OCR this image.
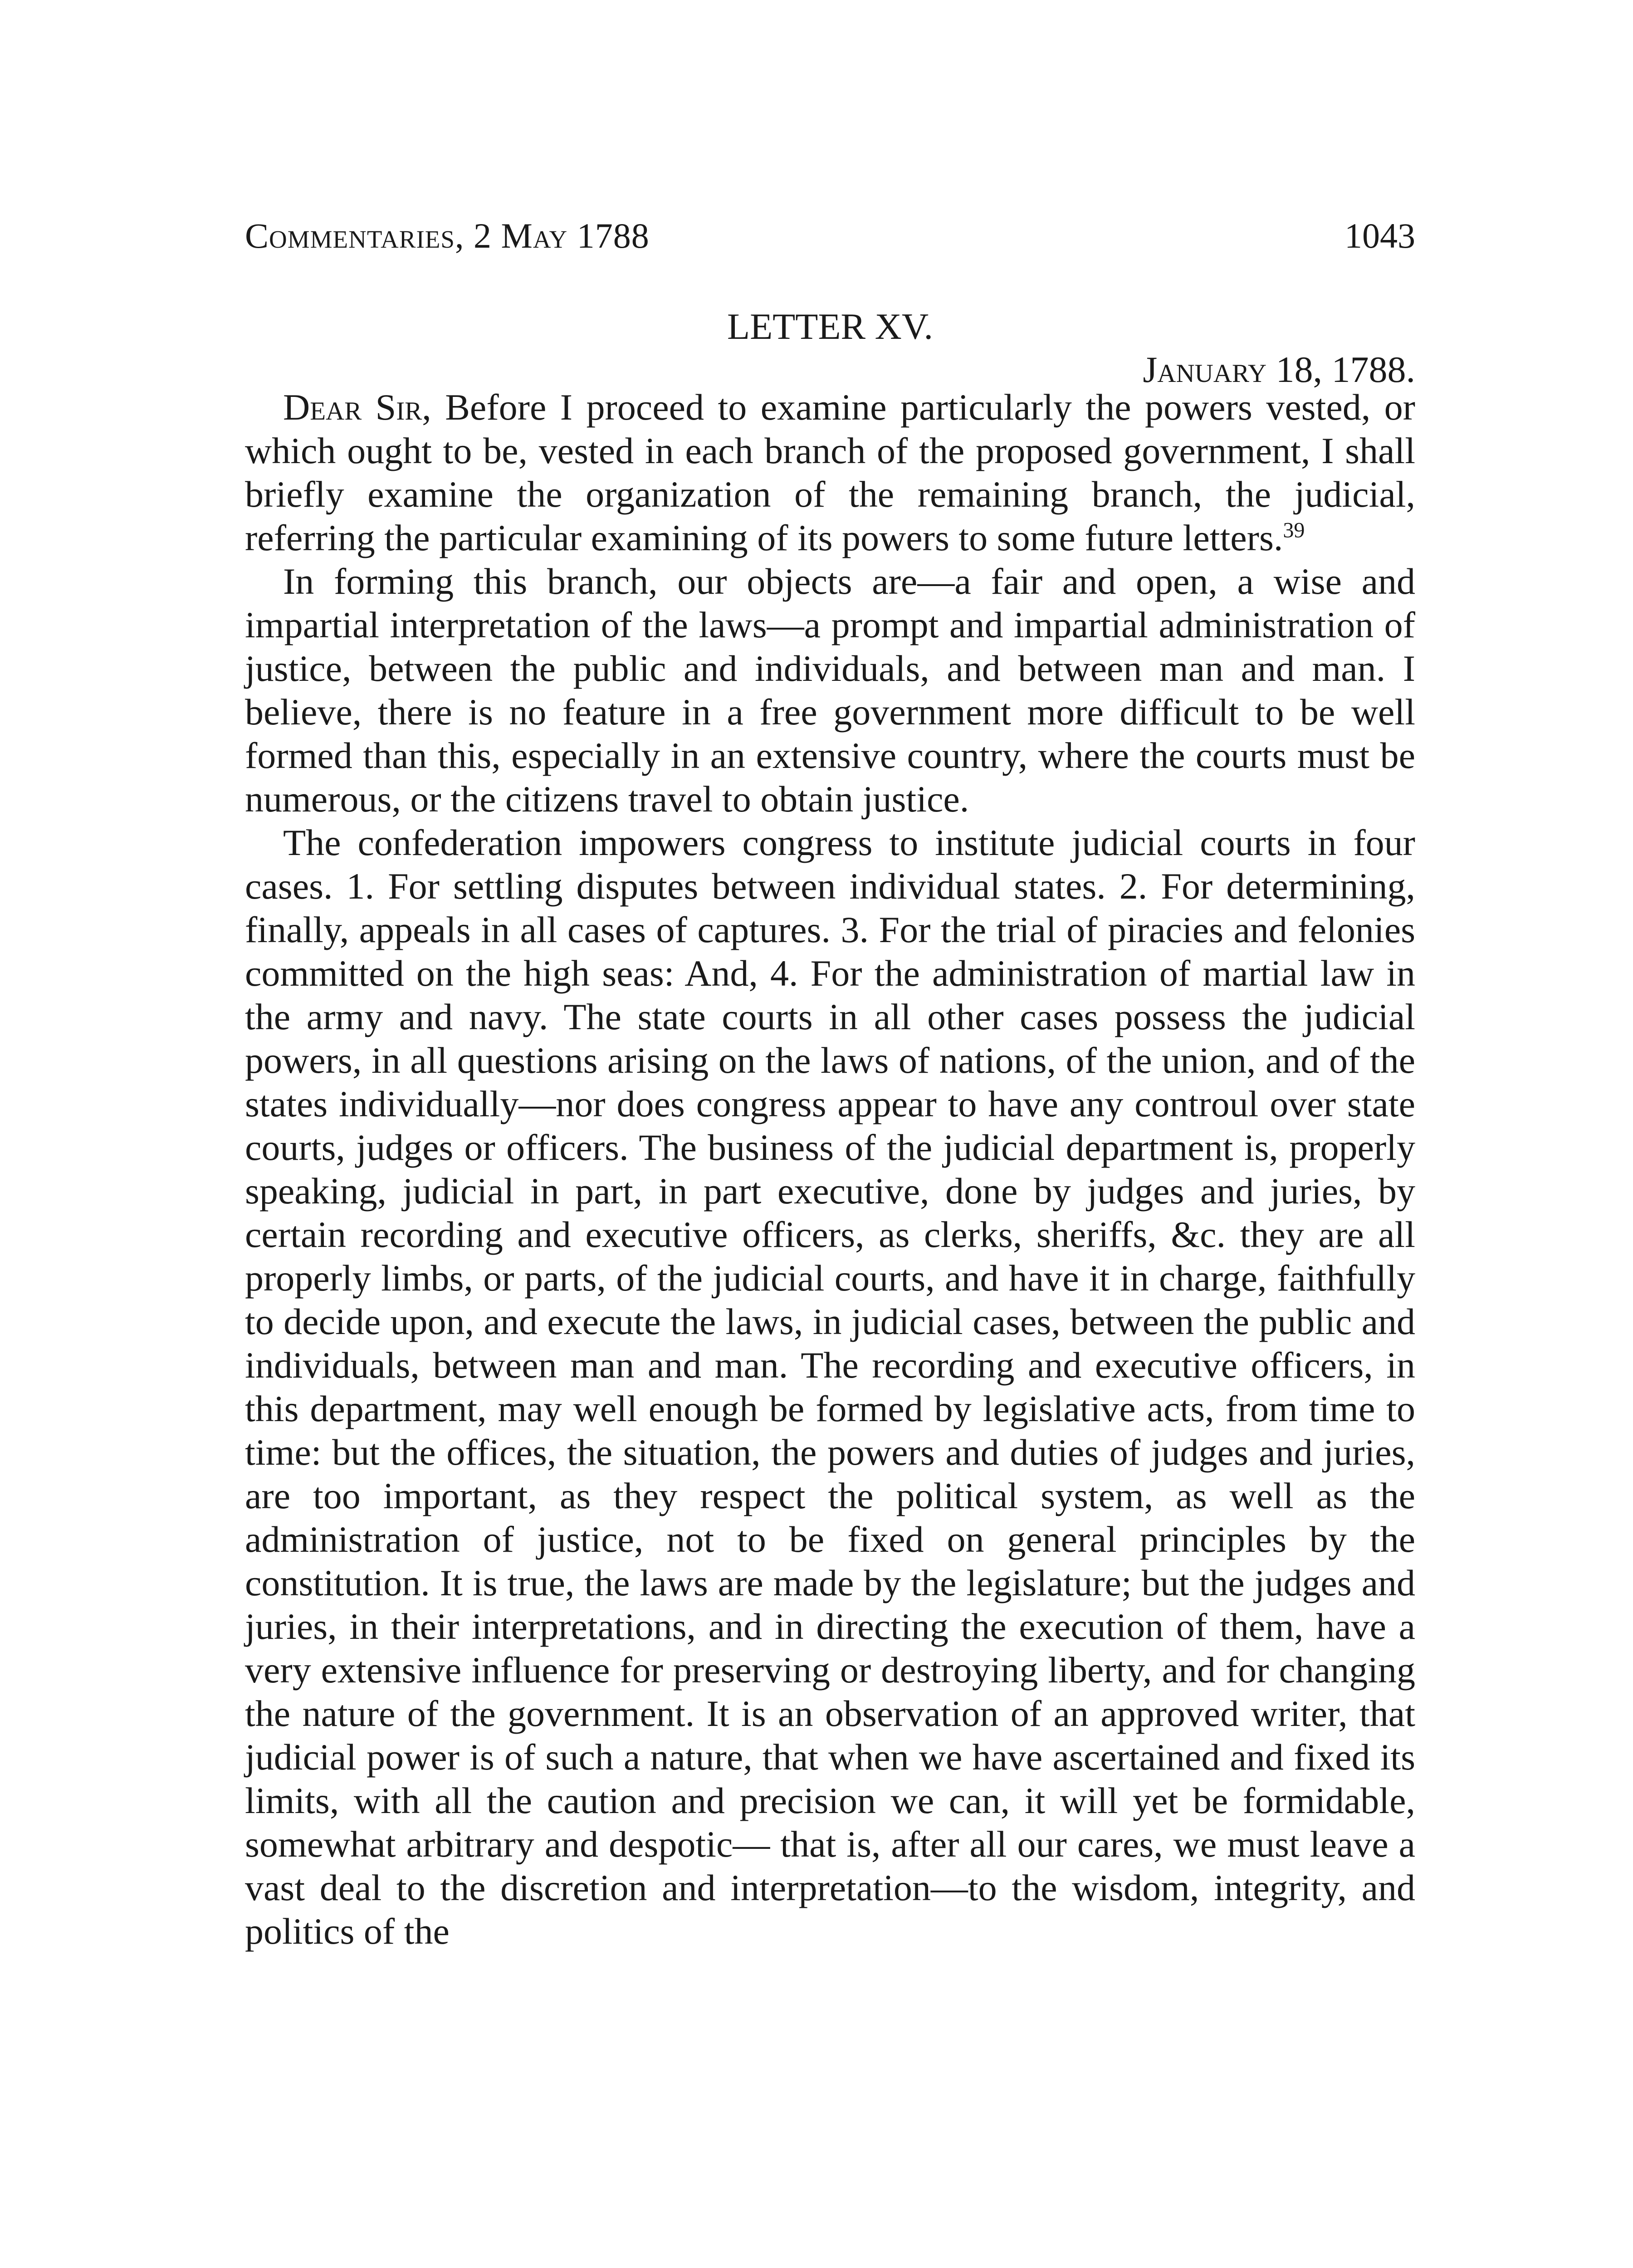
Commentaries, 2 May 1788	1043
LETTER XV.
January 18, 1788.

Dear Sir, Before I proceed to examine particularly the powers vested, or which ought to be, vested in each branch of the proposed government, I shall briefly examine the organization of the remaining branch, the judicial, referring the particular examining of its powers to some future letters.$^{39}$

In forming this branch, our objects are—a fair and open, a wise and impartial interpretation of the laws—a prompt and impartial administration of justice, between the public and individuals, and between man and man. I believe, there is no feature in a free government more difficult to be well formed than this, especially in an extensive country, where the courts must be numerous, or the citizens travel to obtain justice.

The confederation impowers congress to institute judicial courts in four cases. 1. For settling disputes between individual states. 2. For determining, finally, appeals in all cases of captures. 3. For the trial of piracies and felonies committed on the high seas: And, 4. For the administration of martial law in the army and navy. The state courts in all other cases possess the judicial powers, in all questions arising on the laws of nations, of the union, and of the states individually—nor does congress appear to have any controul over state courts, judges or officers. The business of the judicial department is, properly speaking, judicial in part, in part executive, done by judges and juries, by certain recording and executive officers, as clerks, sheriffs, &c. they are all properly limbs, or parts, of the judicial courts, and have it in charge, faithfully to decide upon, and execute the laws, in judicial cases, between the public and individuals, between man and man. The recording and executive officers, in this department, may well enough be formed by legislative acts, from time to time: but the offices, the situation, the powers and duties of judges and juries, are too important, as they respect the political system, as well as the administration of justice, not to be fixed on general principles by the constitution. It is true, the laws are made by the legislature; but the judges and juries, in their interpretations, and in directing the execution of them, have a very extensive influence for preserving or destroying liberty, and for changing the nature of the government. It is an observation of an approved writer, that judicial power is of such a nature, that when we have ascertained and fixed its limits, with all the caution and precision we can, it will yet be formidable, somewhat arbitrary and despotic— that is, after all our cares, we must leave a vast deal to the discretion and interpretation—to the wisdom, integrity, and politics of the
